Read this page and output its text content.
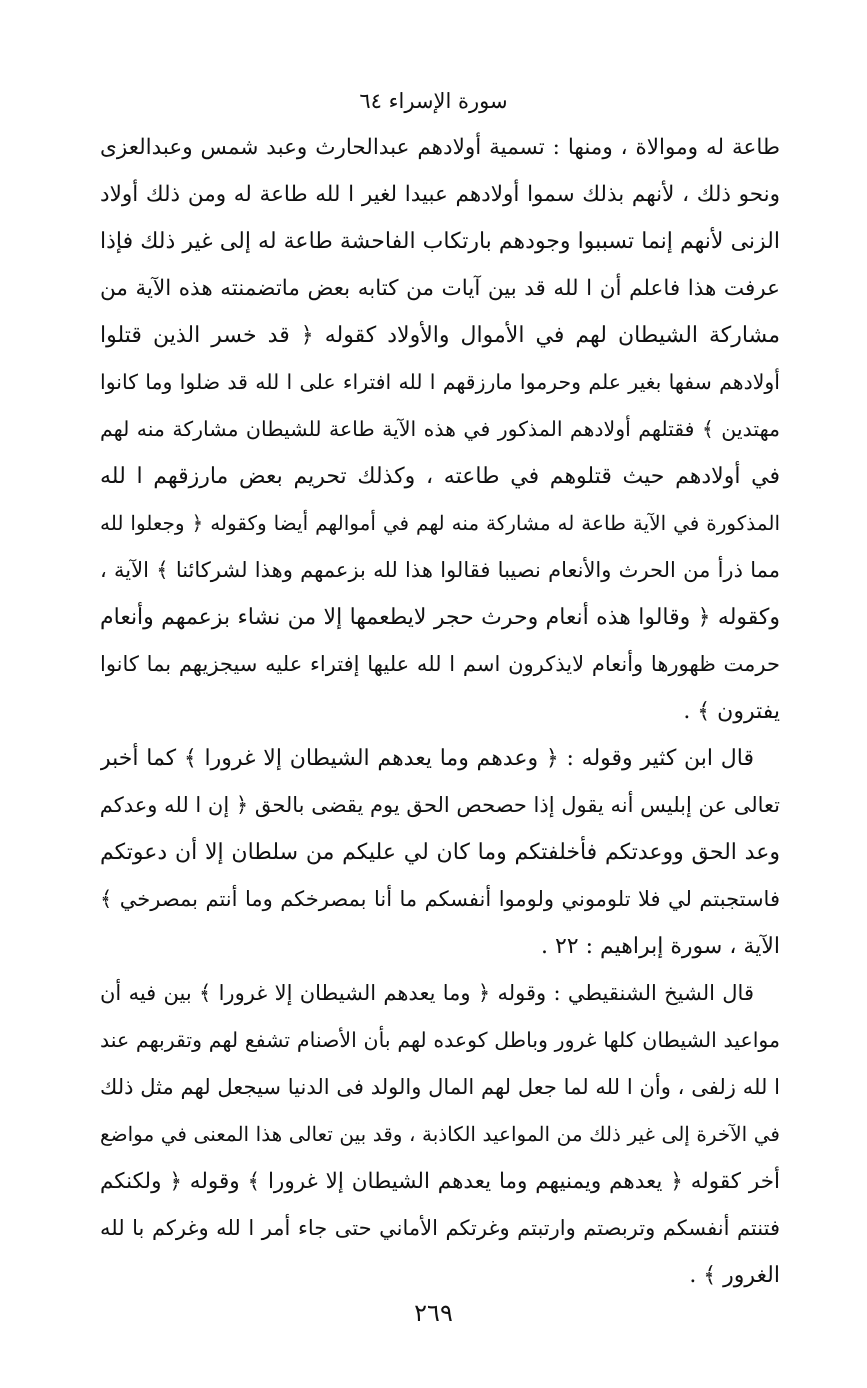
سورة الإسراء ٦٤
طاعة له وموالاة ، ومنها : تسمية أولادهم عبدالحارث وعبد شمس وعبدالعزى
ونحو ذلك ، لأنهم بذلك سموا أولادهم عبيدا لغير ا لله طاعة له ومن ذلك أولاد
الزنى لأنهم إنما تسببوا وجودهم بارتكاب الفاحشة طاعة له إلى غير ذلك فإذا
عرفت هذا فاعلم أن ا لله قد بين آيات من كتابه بعض ماتضمنته هذه الآية من
مشاركة الشيطان لهم في الأموال والأولاد كقوله ﴿ قد خسر الذين قتلوا
أولادهم سفها بغير علم وحرموا مارزقهم ا لله افتراء على ا لله قد ضلوا وما كانوا
مهتدين ﴾ فقتلهم أولادهم المذكور في هذه الآية طاعة للشيطان مشاركة منه لهم
في أولادهم حيث قتلوهم في طاعته ، وكذلك تحريم بعض مارزقهم ا لله
المذكورة في الآية طاعة له مشاركة منه لهم في أموالهم أيضا وكقوله ﴿ وجعلوا لله
مما ذرأ من الحرث والأنعام نصيبا فقالوا هذا لله بزعمهم وهذا لشركائنا ﴾ الآية ،
وكقوله ﴿ وقالوا هذه أنعام وحرث حجر لايطعمها إلا من نشاء بزعمهم وأنعام
حرمت ظهورها وأنعام لايذكرون اسم ا لله عليها إفتراء عليه سيجزيهم بما كانوا
يفترون ﴾ .
قال ابن كثير وقوله : ﴿ وعدهم وما يعدهم الشيطان إلا غرورا ﴾ كما أخبر
تعالى عن إبليس أنه يقول إذا حصحص الحق يوم يقضى بالحق ﴿ إن ا لله وعدكم
وعد الحق ووعدتكم فأخلفتكم وما كان لي عليكم من سلطان إلا أن دعوتكم
فاستجبتم لي فلا تلوموني ولوموا أنفسكم ما أنا بمصرخكم وما أنتم بمصرخي ﴾
الآية ، سورة إبراهيم : ٢٢ .
قال الشيخ الشنقيطي : وقوله ﴿ وما يعدهم الشيطان إلا غرورا ﴾ بين فيه أن
مواعيد الشيطان كلها غرور وباطل كوعده لهم بأن الأصنام تشفع لهم وتقربهم عند
ا لله زلفى ، وأن ا لله لما جعل لهم المال والولد فى الدنيا سيجعل لهم مثل ذلك
في الآخرة إلى غير ذلك من المواعيد الكاذبة ، وقد بين تعالى هذا المعنى في مواضع
أخر كقوله ﴿ يعدهم ويمنيهم وما يعدهم الشيطان إلا غرورا ﴾ وقوله ﴿ ولكنكم
فتنتم أنفسكم وتربصتم وارتبتم وغرتكم الأماني حتى جاء أمر ا لله وغركم با لله
الغرور ﴾ .
٢٦٩
